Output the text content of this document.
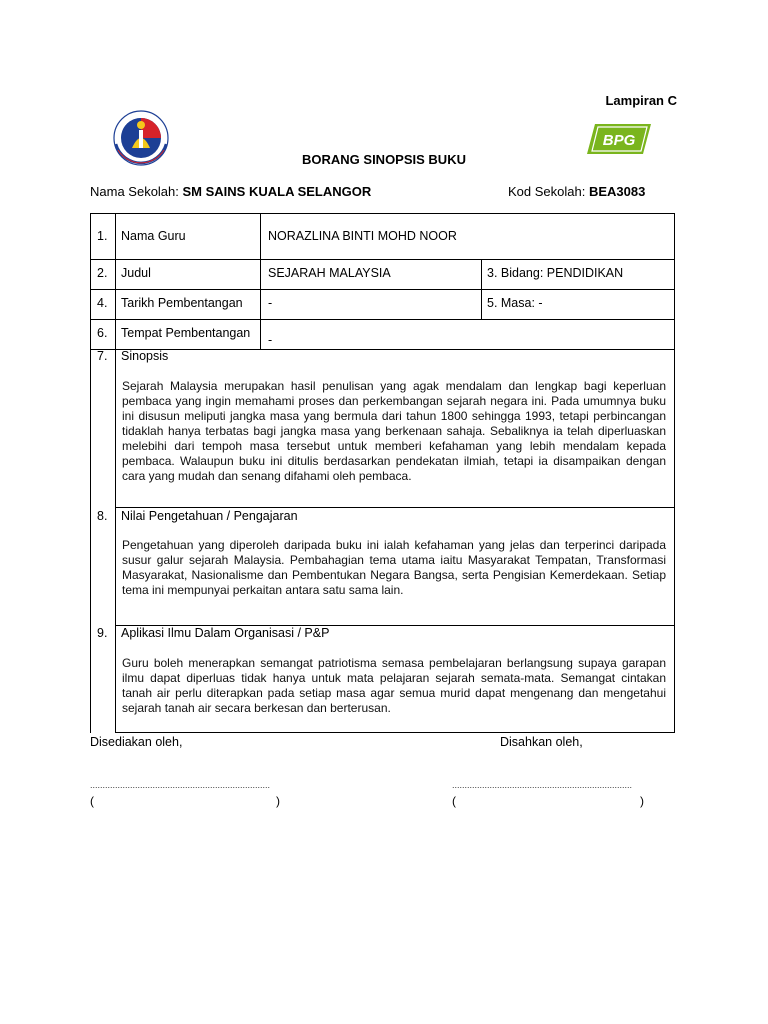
Lampiran C
BPG
BORANG SINOPSIS BUKU
Nama Sekolah: SM SAINS KUALA SELANGOR	Kod Sekolah: BEA3083
1. Nama Guru	NORAZLINA BINTI MOHD NOOR
2. Judul	SEJARAH MALAYSIA	3. Bidang: PENDIDIKAN
4. Tarikh Pembentangan -	5. Masa: -
6. Tempat Pembentangan -
7. Sinopsis
Sejarah Malaysia merupakan hasil penulisan yang agak mendalam dan lengkap bagi keperluan pembaca yang ingin memahami proses dan perkembangan sejarah negara ini. Pada umumnya buku ini disusun meliputi jangka masa yang bermula dari tahun 1800 sehingga 1993, tetapi perbincangan tidaklah hanya terbatas bagi jangka masa yang berkenaan sahaja. Sebaliknya ia telah diperluaskan melebihi dari tempoh masa tersebut untuk memberi kefahaman yang lebih mendalam kepada pembaca. Walaupun buku ini ditulis berdasarkan pendekatan ilmiah, tetapi ia disampaikan dengan cara yang mudah dan senang difahami oleh pembaca.
8. Nilai Pengetahuan / Pengajaran
Pengetahuan yang diperoleh daripada buku ini ialah kefahaman yang jelas dan terperinci daripada susur galur sejarah Malaysia. Pembahagian tema utama iaitu Masyarakat Tempatan, Transformasi Masyarakat, Nasionalisme dan Pembentukan Negara Bangsa, serta Pengisian Kemerdekaan. Setiap tema ini mempunyai perkaitan antara satu sama lain.
9. Aplikasi Ilmu Dalam Organisasi / P&P
Guru boleh menerapkan semangat patriotisma semasa pembelajaran berlangsung supaya garapan ilmu dapat diperluas tidak hanya untuk mata pelajaran sejarah semata-mata. Semangat cintakan tanah air perlu diterapkan pada setiap masa agar semua murid dapat mengenang dan mengetahui sejarah tanah air secara berkesan dan berterusan.
Disediakan oleh,	Disahkan oleh,
........................................................................	........................................................................
(	)	(	)
